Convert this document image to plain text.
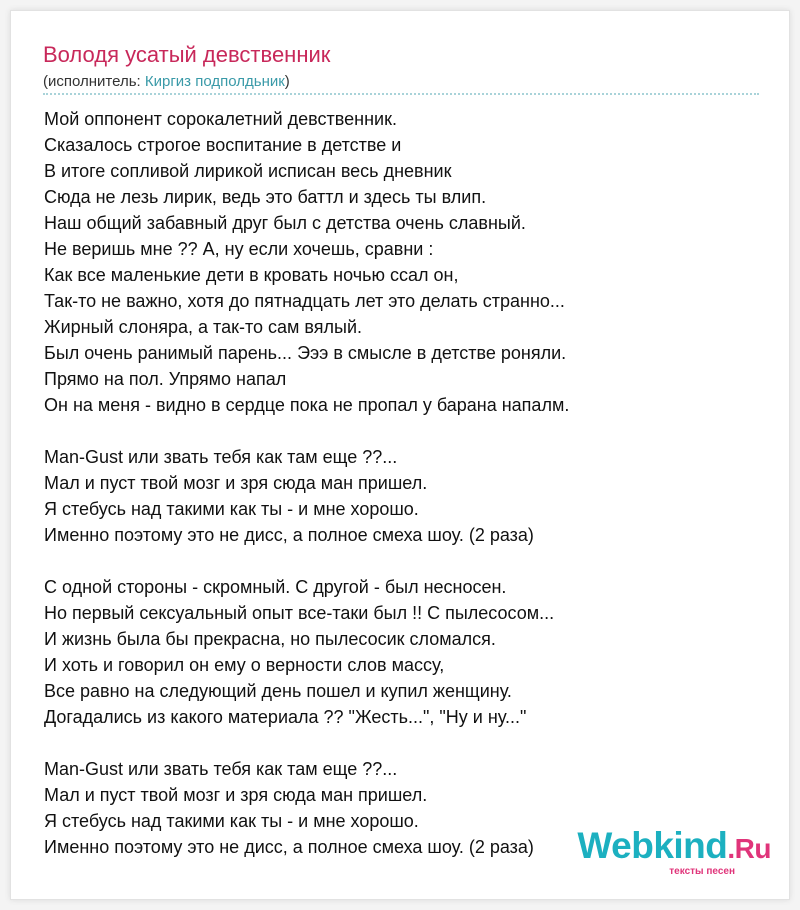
Володя усатый девственник
(исполнитель: Киргиз подполдьник)
Мой оппонент сорокалетний девственник.
Сказалось строгое воспитание в детстве и
В итоге сопливой лирикой исписан весь дневник
Сюда не лезь лирик, ведь это баттл и здесь ты влип.
Наш общий забавный друг был с детства очень славный.
Не веришь мне ?? А, ну если хочешь, сравни :
Как все маленькие дети в кровать ночью ссал он,
Так-то не важно, хотя до пятнадцать лет это делать странно...
Жирный слоняра, а так-то сам вялый.
Был очень ранимый парень... Эээ в смысле в детстве роняли.
Прямо на пол. Упрямо напал
Он на меня - видно в сердце пока не пропал у барана напалм.
Man-Gust или звать тебя как там еще ??...
Мал и пуст твой мозг и зря сюда ман пришел.
Я стебусь над такими как ты - и мне хорошо.
Именно поэтому это не дисс, а полное смеха шоу. (2 раза)
С одной стороны - скромный. С другой - был несносен.
Но первый сексуальный опыт все-таки был !! С пылесосом...
И жизнь была бы прекрасна, но пылесосик сломался.
И хоть и говорил он ему о верности слов массу,
Все равно на следующий день пошел и купил женщину.
Догадались из какого материала ?? "Жесть...", "Ну и ну..."
Man-Gust или звать тебя как там еще ??...
Мал и пуст твой мозг и зря сюда ман пришел.
Я стебусь над такими как ты - и мне хорошо.
Именно поэтому это не дисс, а полное смеха шоу. (2 раза)	Webkind.Ru
тексты песен
